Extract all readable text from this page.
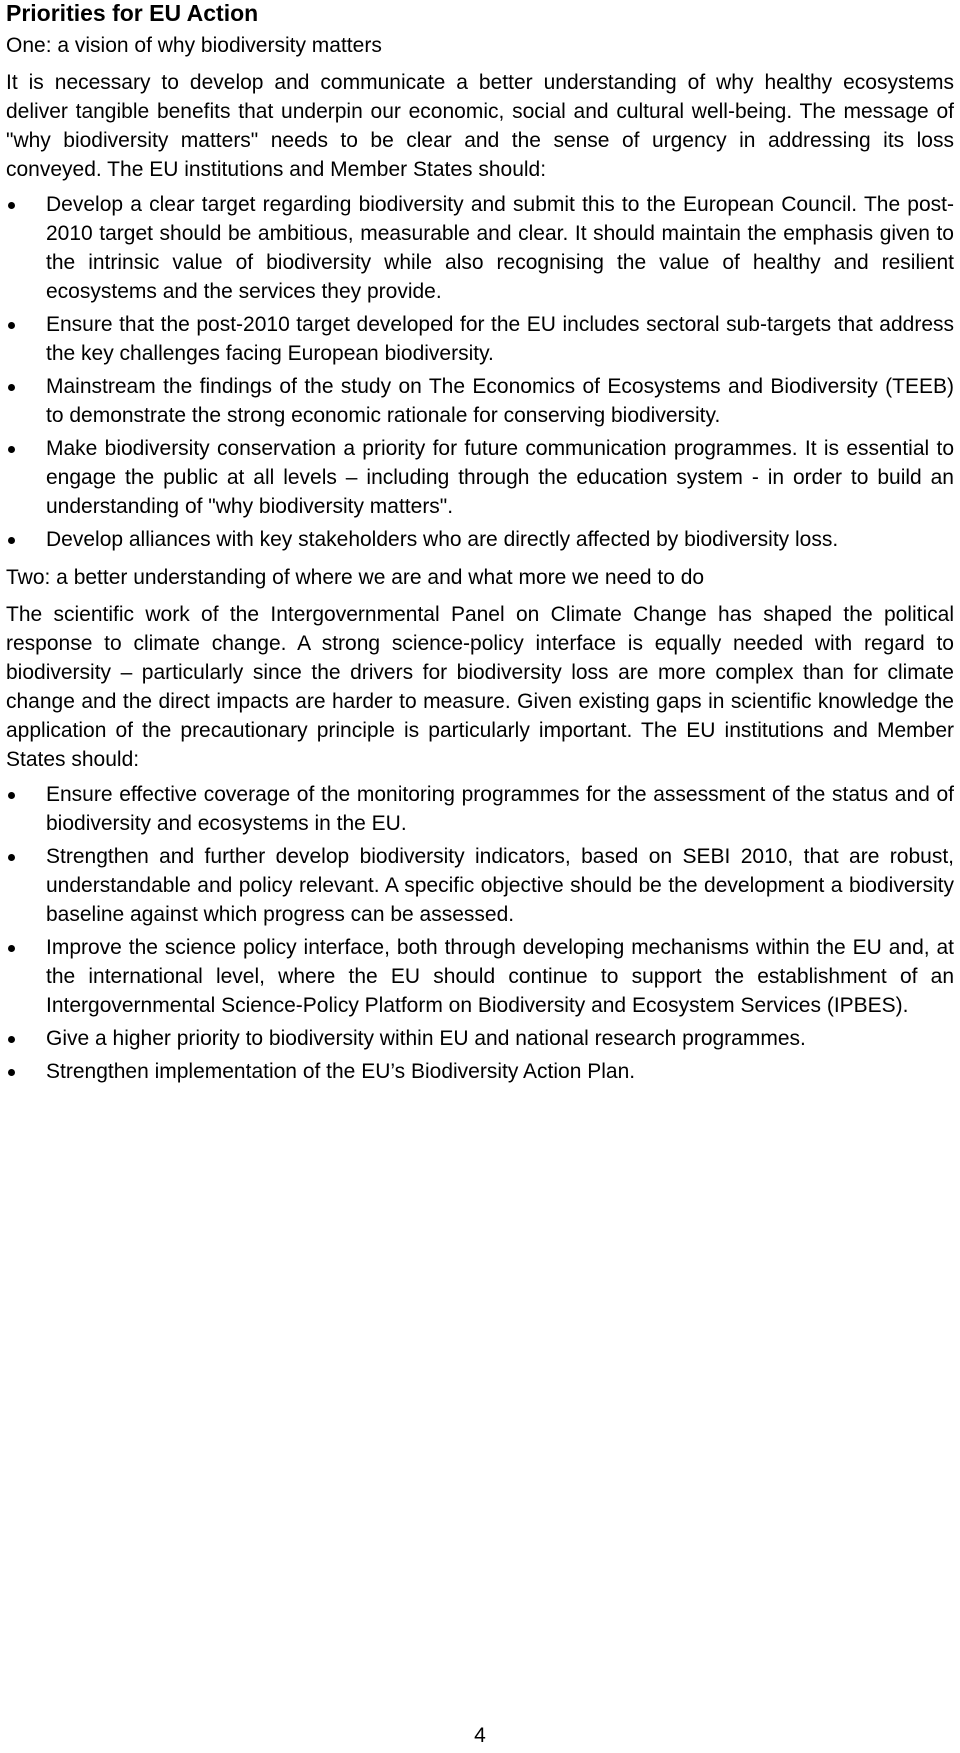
Priorities for EU Action

One: a vision of why biodiversity matters

It is necessary to develop and communicate a better understanding of why healthy ecosystems deliver tangible benefits that underpin our economic, social and cultural well-being. The message of "why biodiversity matters" needs to be clear and the sense of urgency in addressing its loss conveyed. The EU institutions and Member States should:

Develop a clear target regarding biodiversity and submit this to the European Council. The post-2010 target should be ambitious, measurable and clear. It should maintain the emphasis given to the intrinsic value of biodiversity while also recognising the value of healthy and resilient ecosystems and the services they provide.
Ensure that the post-2010 target developed for the EU includes sectoral sub-targets that address the key challenges facing European biodiversity.
Mainstream the findings of the study on The Economics of Ecosystems and Biodiversity (TEEB) to demonstrate the strong economic rationale for conserving biodiversity.
Make biodiversity conservation a priority for future communication programmes. It is essential to engage the public at all levels – including through the education system - in order to build an understanding of "why biodiversity matters".
Develop alliances with key stakeholders who are directly affected by biodiversity loss.

Two: a better understanding of where we are and what more we need to do

The scientific work of the Intergovernmental Panel on Climate Change has shaped the political response to climate change. A strong science-policy interface is equally needed with regard to biodiversity – particularly since the drivers for biodiversity loss are more complex than for climate change and the direct impacts are harder to measure. Given existing gaps in scientific knowledge the application of the precautionary principle is particularly important. The EU institutions and Member States should:

Ensure effective coverage of the monitoring programmes for the assessment of the status and of biodiversity and ecosystems in the EU.
Strengthen and further develop biodiversity indicators, based on SEBI 2010, that are robust, understandable and policy relevant. A specific objective should be the development a biodiversity baseline against which progress can be assessed.
Improve the science policy interface, both through developing mechanisms within the EU and, at the international level, where the EU should continue to support the establishment of an Intergovernmental Science-Policy Platform on Biodiversity and Ecosystem Services (IPBES).
Give a higher priority to biodiversity within EU and national research programmes.
Strengthen implementation of the EU’s Biodiversity Action Plan.
4
